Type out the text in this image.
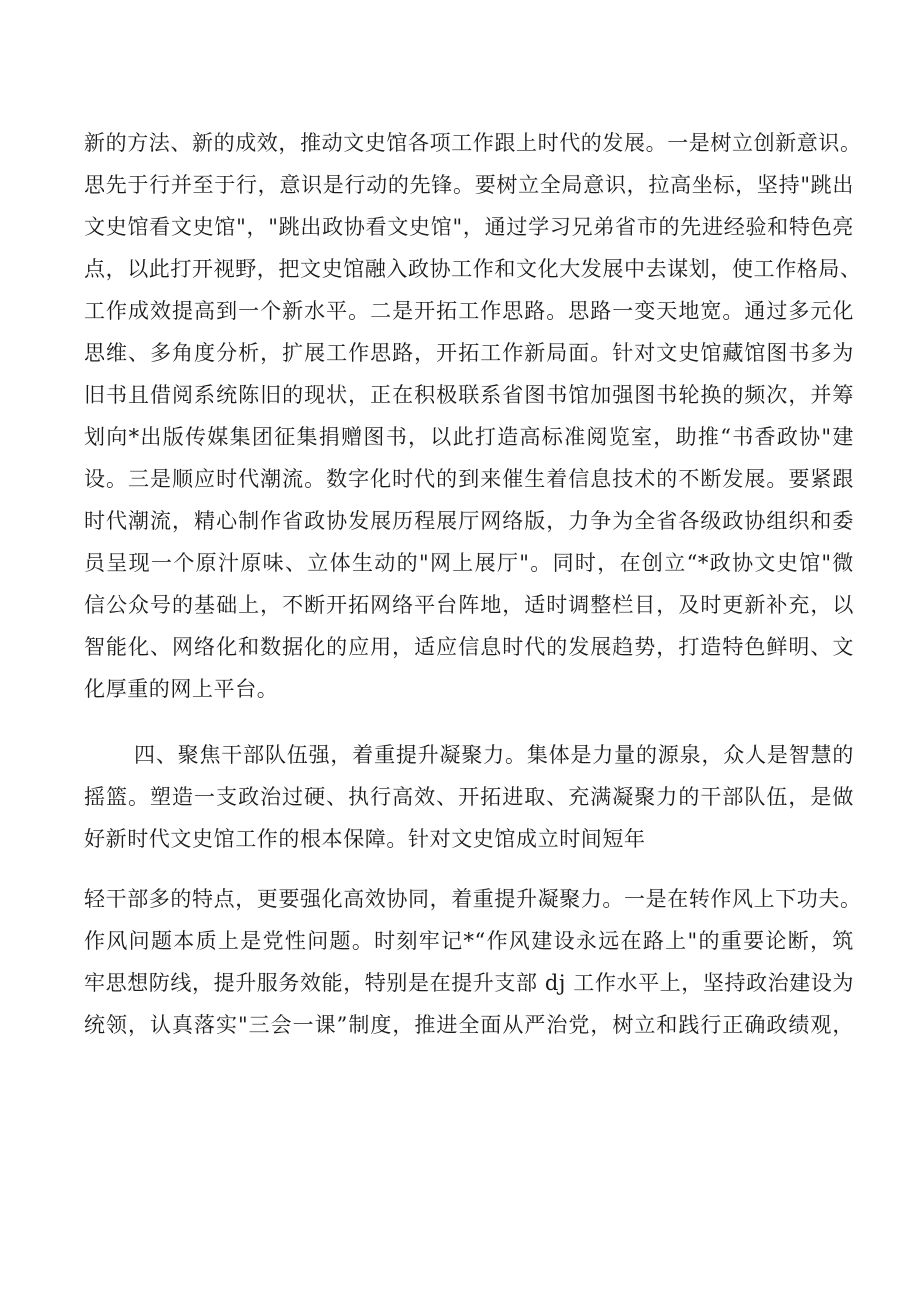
新的方法、新的成效，推动文史馆各项工作跟上时代的发展。一是树立创新意识。
思先于行并至于行，意识是行动的先锋。要树立全局意识，拉高坐标，坚持"跳出
文史馆看文史馆"，"跳出政协看文史馆"，通过学习兄弟省市的先进经验和特色亮
点，以此打开视野，把文史馆融入政协工作和文化大发展中去谋划，使工作格局、
工作成效提高到一个新水平。二是开拓工作思路。思路一变天地宽。通过多元化
思维、多角度分析，扩展工作思路，开拓工作新局面。针对文史馆藏馆图书多为
旧书且借阅系统陈旧的现状，正在积极联系省图书馆加强图书轮换的频次，并筹
划向*出版传媒集团征集捐赠图书，以此打造高标准阅览室，助推“书香政协"建
设。三是顺应时代潮流。数字化时代的到来催生着信息技术的不断发展。要紧跟
时代潮流，精心制作省政协发展历程展厅网络版，力争为全省各级政协组织和委
员呈现一个原汁原味、立体生动的"网上展厅"。同时，在创立“*政协文史馆"微
信公众号的基础上，不断开拓网络平台阵地，适时调整栏目，及时更新补充，以
智能化、网络化和数据化的应用，适应信息时代的发展趋势，打造特色鲜明、文
化厚重的网上平台。
四、聚焦干部队伍强，着重提升凝聚力。集体是力量的源泉，众人是智慧的
摇篮。塑造一支政治过硬、执行高效、开拓进取、充满凝聚力的干部队伍，是做
好新时代文史馆工作的根本保障。针对文史馆成立时间短年
轻干部多的特点，更要强化高效协同，着重提升凝聚力。一是在转作风上下功夫。
作风问题本质上是党性问题。时刻牢记*“作风建设永远在路上"的重要论断，筑
牢思想防线，提升服务效能，特别是在提升支部 dj 工作水平上，坚持政治建设为
统领，认真落实"三会一课”制度，推进全面从严治党，树立和践行正确政绩观，
